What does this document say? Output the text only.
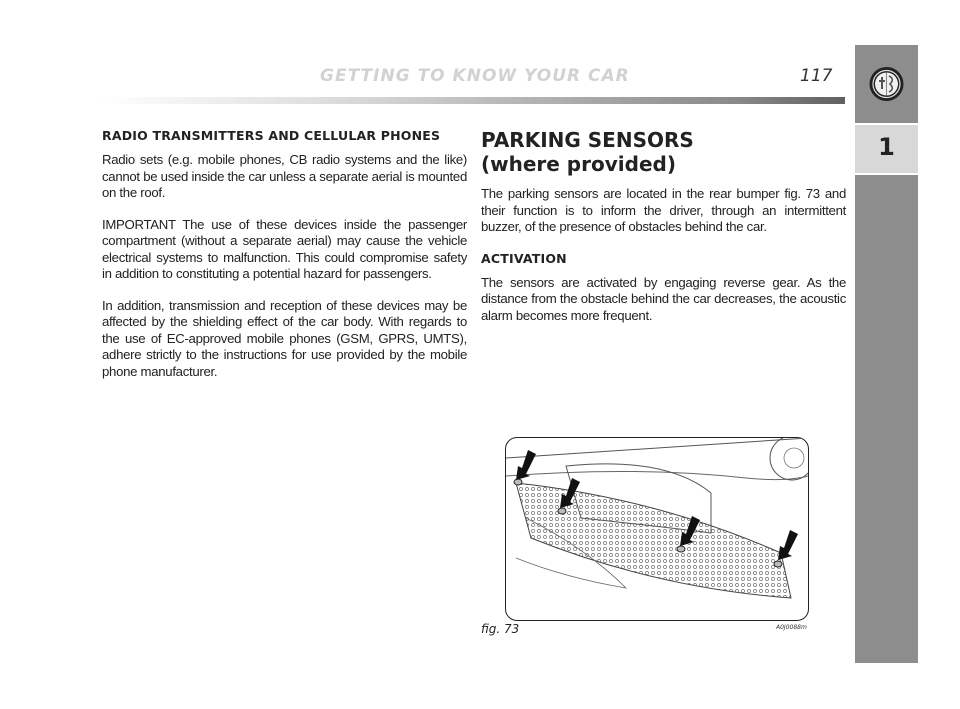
GETTING TO KNOW YOUR CAR	117
1
RADIO TRANSMITTERS AND CELLULAR PHONES

Radio sets (e.g. mobile phones, CB radio systems and the like) cannot be used inside the car unless a separate aerial is mounted on the roof.

IMPORTANT The use of these devices inside the passenger compartment (without a separate aerial) may cause the vehicle electrical systems to malfunction. This could compromise safety in addition to constituting a potential hazard for passengers.

In addition, transmission and reception of these devices may be affected by the shielding effect of the car body. With regards to the use of EC-approved mobile phones (GSM, GPRS, UMTS), adhere strictly to the instructions for use provided by the mobile phone manufacturer.

PARKING SENSORS
(where provided)

The parking sensors are located in the rear bumper fig. 73 and their function is to inform the driver, through an intermittent buzzer, of the presence of obstacles behind the car.

ACTIVATION

The sensors are activated by engaging reverse gear. As the distance from the obstacle behind the car decreases, the acoustic alarm becomes more frequent.

fig. 73	A0J0088m
